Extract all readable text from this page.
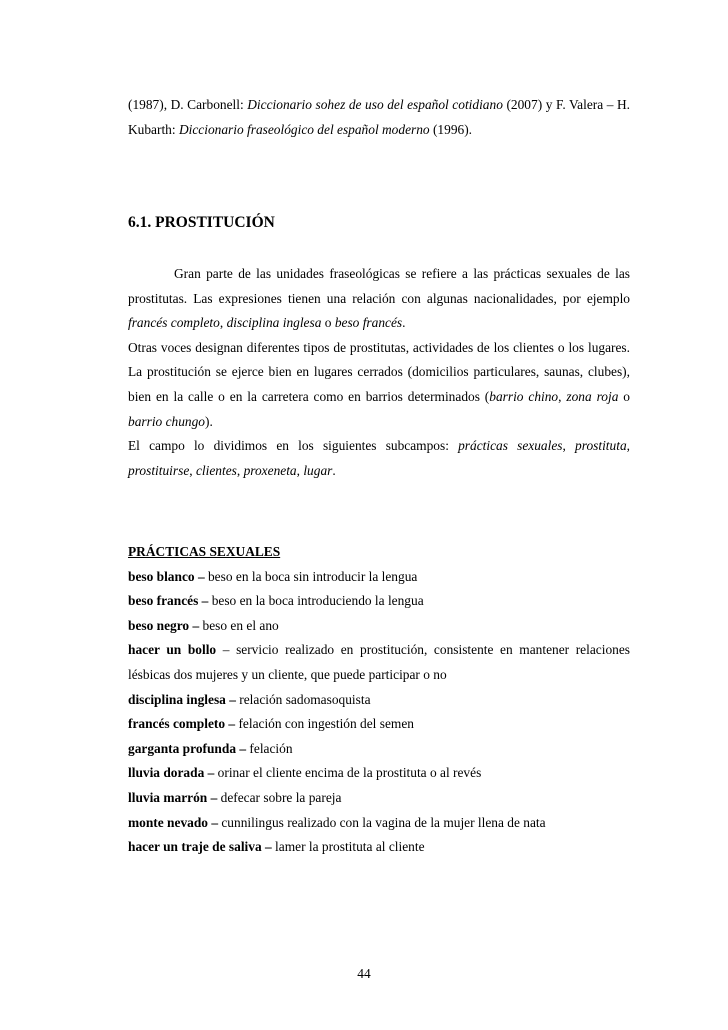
(1987), D. Carbonell: Diccionario sohez de uso del español cotidiano (2007) y F. Valera – H. Kubarth: Diccionario fraseológico del español moderno (1996).

6.1. PROSTITUCIÓN

Gran parte de las unidades fraseológicas se refiere a las prácticas sexuales de las prostitutas. Las expresiones tienen una relación con algunas nacionalidades, por ejemplo francés completo, disciplina inglesa o beso francés.

Otras voces designan diferentes tipos de prostitutas, actividades de los clientes o los lugares. La prostitución se ejerce bien en lugares cerrados (domicilios particulares, saunas, clubes), bien en la calle o en la carretera como en barrios determinados (barrio chino, zona roja o barrio chungo).

El campo lo dividimos en los siguientes subcampos: prácticas sexuales, prostituta, prostituirse, clientes, proxeneta, lugar.

PRÁCTICAS SEXUALES

beso blanco – beso en la boca sin introducir la lengua

beso francés – beso en la boca introduciendo la lengua

beso negro – beso en el ano

hacer un bollo – servicio realizado en prostitución, consistente en mantener relaciones lésbicas dos mujeres y un cliente, que puede participar o no

disciplina inglesa – relación sadomasoquista

francés completo – felación con ingestión del semen

garganta profunda – felación

lluvia dorada – orinar el cliente encima de la prostituta o al revés

lluvia marrón – defecar sobre la pareja

monte nevado – cunnilingus realizado con la vagina de la mujer llena de nata

hacer un traje de saliva – lamer la prostituta al cliente

44
